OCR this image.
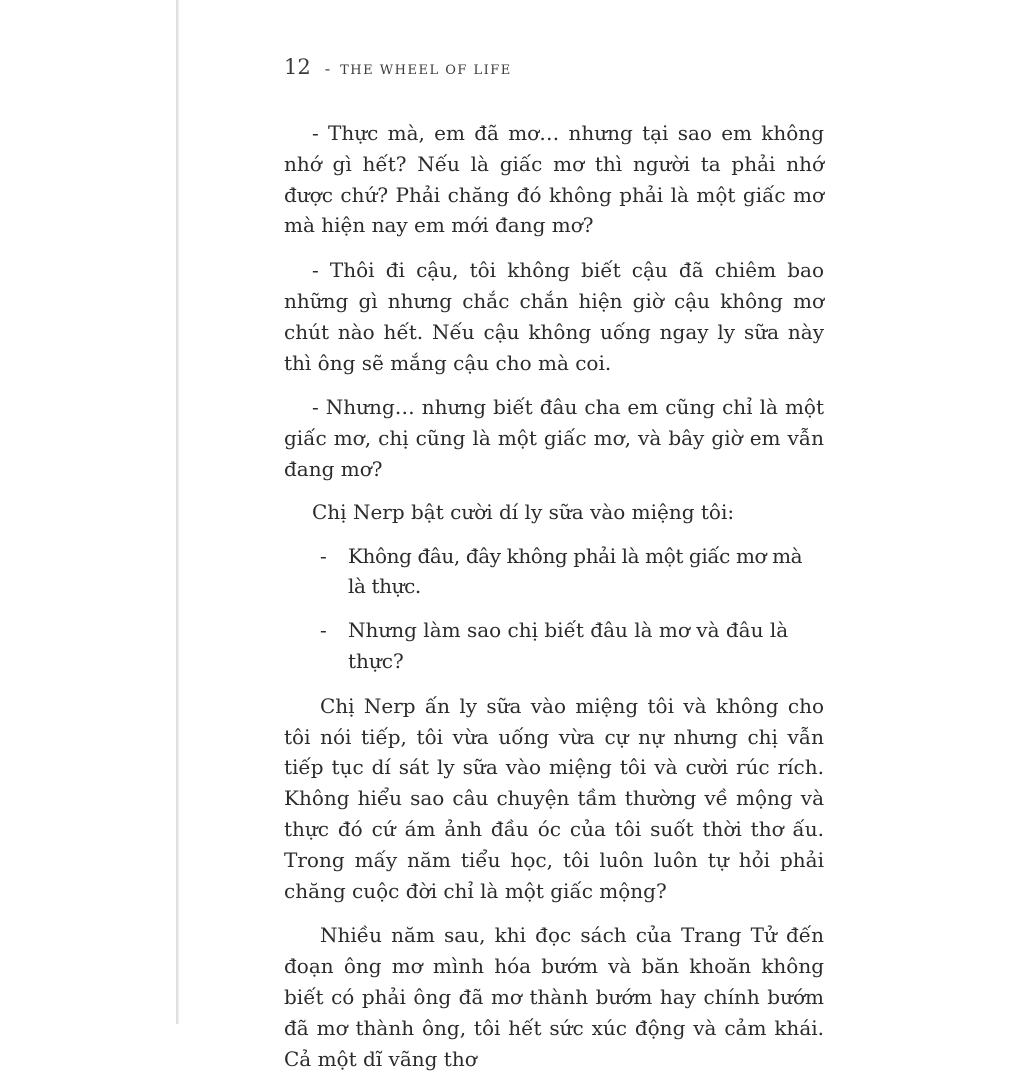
12 - THE WHEEL OF LIFE

- Thực mà, em đã mơ… nhưng tại sao em không nhớ gì hết? Nếu là giấc mơ thì người ta phải nhớ được chứ? Phải chăng đó không phải là một giấc mơ mà hiện nay em mới đang mơ?

- Thôi đi cậu, tôi không biết cậu đã chiêm bao những gì nhưng chắc chắn hiện giờ cậu không mơ chút nào hết. Nếu cậu không uống ngay ly sữa này thì ông sẽ mắng cậu cho mà coi.

- Nhưng… nhưng biết đâu cha em cũng chỉ là một giấc mơ, chị cũng là một giấc mơ, và bây giờ em vẫn đang mơ?

Chị Nerp bật cười dí ly sữa vào miệng tôi:

-	Không đâu, đây không phải là một giấc mơ mà là thực.
-	Nhưng làm sao chị biết đâu là mơ và đâu là thực?

Chị Nerp ấn ly sữa vào miệng tôi và không cho tôi nói tiếp, tôi vừa uống vừa cự nự nhưng chị vẫn tiếp tục dí sát ly sữa vào miệng tôi và cười rúc rích. Không hiểu sao câu chuyện tầm thường về mộng và thực đó cứ ám ảnh đầu óc của tôi suốt thời thơ ấu. Trong mấy năm tiểu học, tôi luôn luôn tự hỏi phải chăng cuộc đời chỉ là một giấc mộng?

Nhiều năm sau, khi đọc sách của Trang Tử đến đoạn ông mơ mình hóa bướm và băn khoăn không biết có phải ông đã mơ thành bướm hay chính bướm đã mơ thành ông, tôi hết sức xúc động và cảm khái. Cả một dĩ vãng thơ
